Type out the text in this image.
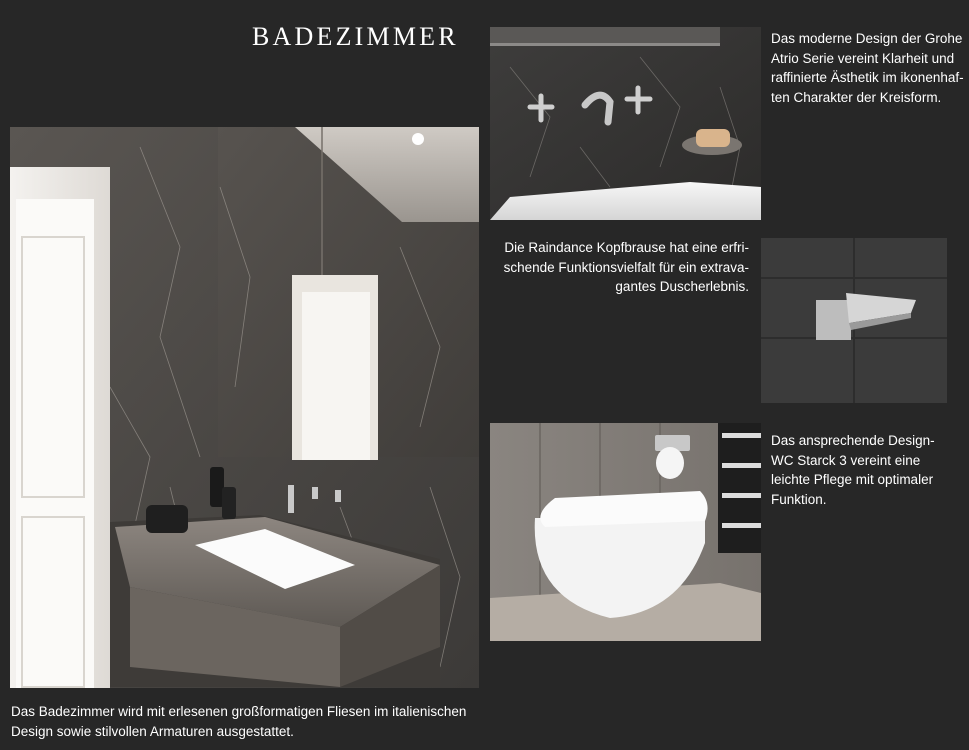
BADEZIMMER	Das moderne Design der Grohe
Atrio Serie vereint Klarheit und
raffinierte Ästhetik im ikonenhaf-
ten Charakter der Kreisform.
Die Raindance Kopfbrause hat eine erfri-
schende Funktionsvielfalt für ein extrava-
gantes Duscherlebnis.
Das ansprechende Design-
WC Starck 3 vereint eine
leichte Pflege mit optimaler
Funktion.
Das Badezimmer wird mit erlesenen großformatigen Fliesen im italienischen
Design sowie stilvollen Armaturen ausgestattet.
